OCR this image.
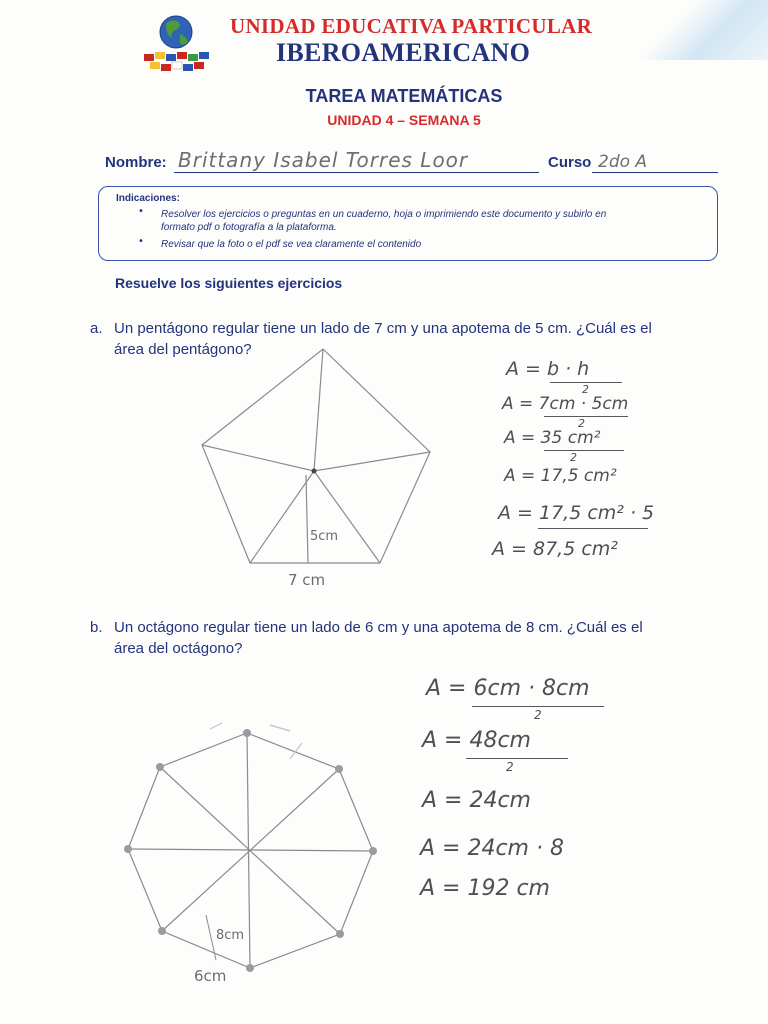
UNIDAD EDUCATIVA PARTICULAR
IBEROAMERICANO
TAREA MATEMÁTICAS
UNIDAD 4 – SEMANA 5
Nombre: Brittany Isabel Torres Loor	Curso 2do A
Indicaciones:
• Resolver los ejercicios o preguntas en un cuaderno, hoja o imprimiendo este documento y subirlo en
formato pdf o fotografía a la plataforma.
• Revisar que la foto o el pdf se vea claramente el contenido
Resuelve los siguientes ejercicios
a. Un pentágono regular tiene un lado de 7 cm y una apotema de 5 cm. ¿Cuál es el
área del pentágono?
5cm
7 cm
A = b · h
2
A = 7cm · 5cm
2
A = 35 cm²
2
A = 17,5 cm²
A = 17,5 cm² · 5
A = 87,5 cm²
b. Un octágono regular tiene un lado de 6 cm y una apotema de 8 cm. ¿Cuál es el
área del octágono?
8cm
6cm
A = 6cm · 8cm
2
A = 48cm
2
A = 24cm
A = 24cm · 8
A = 192 cm
